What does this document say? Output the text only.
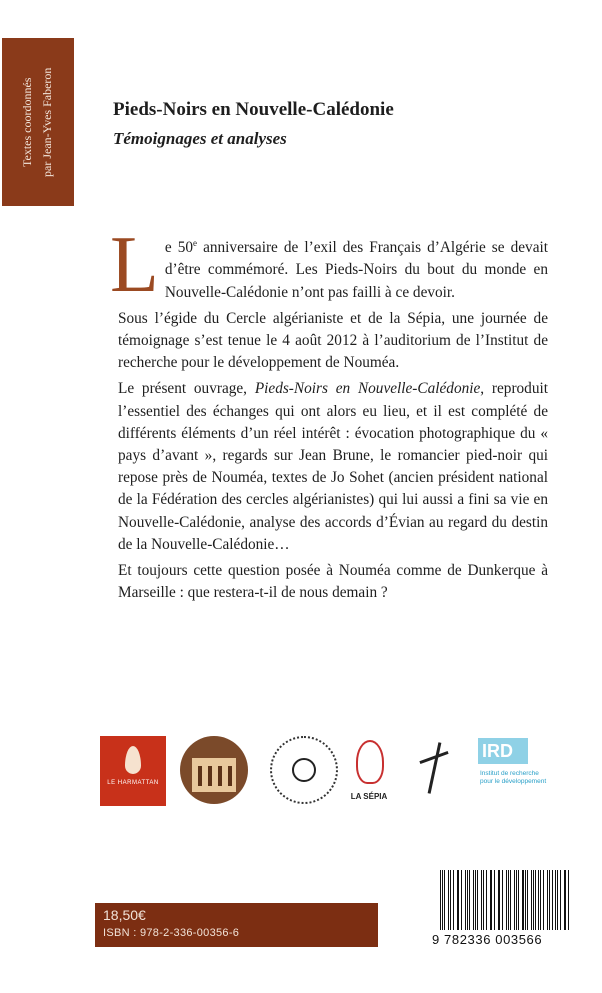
Textes coordonnés par Jean-Yves Faberon	Pieds-Noirs en Nouvelle-Calédonie
Témoignages et analyses

Le 50e anniversaire de l’exil des Français d’Algérie se devait d’être commémoré. Les Pieds-Noirs du bout du monde en Nouvelle-Calédonie n’ont pas failli à ce devoir.

Sous l’égide du Cercle algérianiste et de la Sépia, une journée de témoignage s’est tenue le 4 août 2012 à l’auditorium de l’Institut de recherche pour le développement de Nouméa.

Le présent ouvrage, Pieds-Noirs en Nouvelle-Calédonie, reproduit l’essentiel des échanges qui ont alors eu lieu, et il est complété de différents éléments d’un réel intérêt : évocation photographique du « pays d’avant », regards sur Jean Brune, le romancier pied-noir qui repose près de Nouméa, textes de Jo Sohet (ancien président national de la Fédération des cercles algérianistes) qui lui aussi a fini sa vie en Nouvelle-Calédonie, analyse des accords d’Évian au regard du destin de la Nouvelle-Calédonie…

Et toujours cette question posée à Nouméa comme de Dunkerque à Marseille : que restera-t-il de nous demain ?

LE HARMATTAN
LA SÉPIA
IRD
Institut de recherche
pour le développement
18,50€
ISBN : 978-2-336-00356-6	9 782336 003566
